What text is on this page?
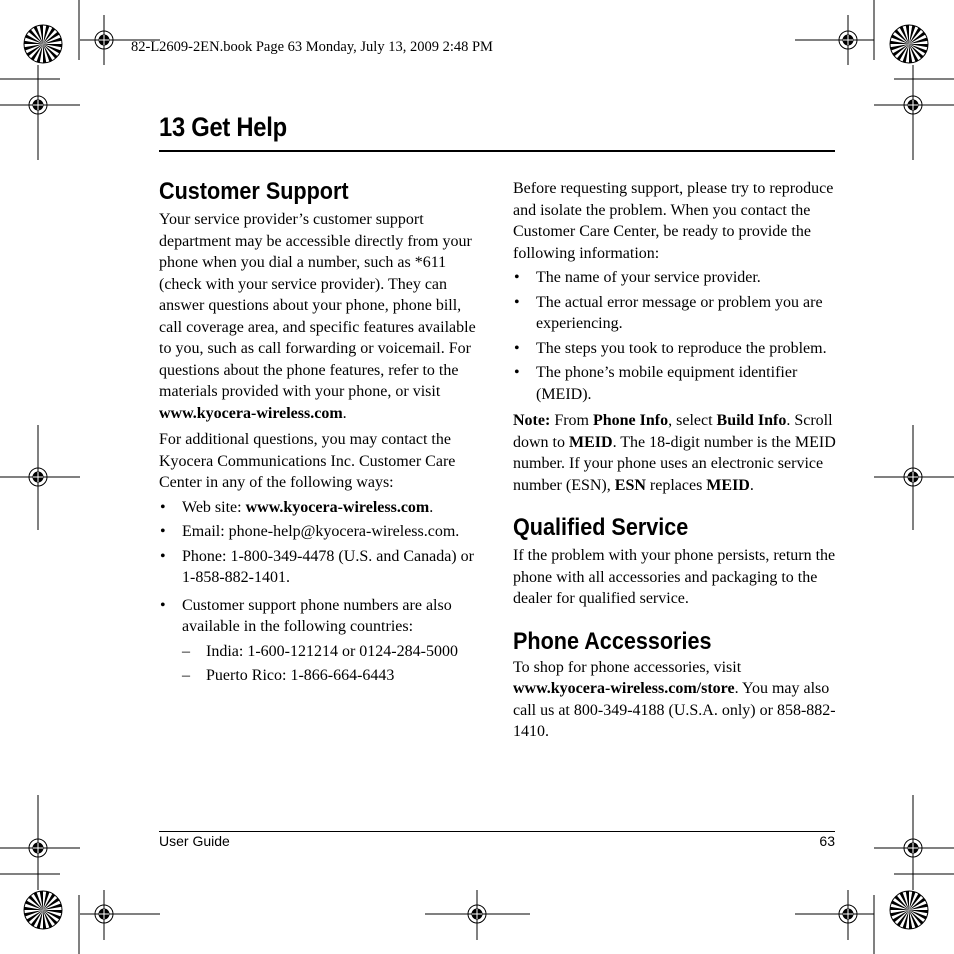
82-L2609-2EN.book Page 63 Monday, July 13, 2009 2:48 PM
13 Get Help
Customer Support

Your service provider’s customer support department may be accessible directly from your phone when you dial a number, such as *611 (check with your service provider). They can answer questions about your phone, phone bill, call coverage area, and specific features available to you, such as call forwarding or voicemail. For questions about the phone features, refer to the materials provided with your phone, or visit www.kyocera-wireless.com.

For additional questions, you may contact the Kyocera Communications Inc. Customer Care Center in any of the following ways:

• Web site: www.kyocera-wireless.com.
• Email: phone-help@kyocera-wireless.com.
• Phone: 1-800-349-4478 (U.S. and Canada) or 1-858-882-1401.
• Customer support phone numbers are also available in the following countries:
– India: 1-600-121214 or 0124-284-5000
– Puerto Rico: 1-866-664-6443

Before requesting support, please try to reproduce and isolate the problem. When you contact the Customer Care Center, be ready to provide the following information:

• The name of your service provider.
• The actual error message or problem you are experiencing.
• The steps you took to reproduce the problem.
• The phone’s mobile equipment identifier (MEID).

Note: From Phone Info, select Build Info. Scroll down to MEID. The 18-digit number is the MEID number. If your phone uses an electronic service number (ESN), ESN replaces MEID.

Qualified Service

If the problem with your phone persists, return the phone with all accessories and packaging to the dealer for qualified service.

Phone Accessories

To shop for phone accessories, visit www.kyocera-wireless.com/store. You may also call us at 800-349-4188 (U.S.A. only) or 858-882-1410.

User Guide	63
